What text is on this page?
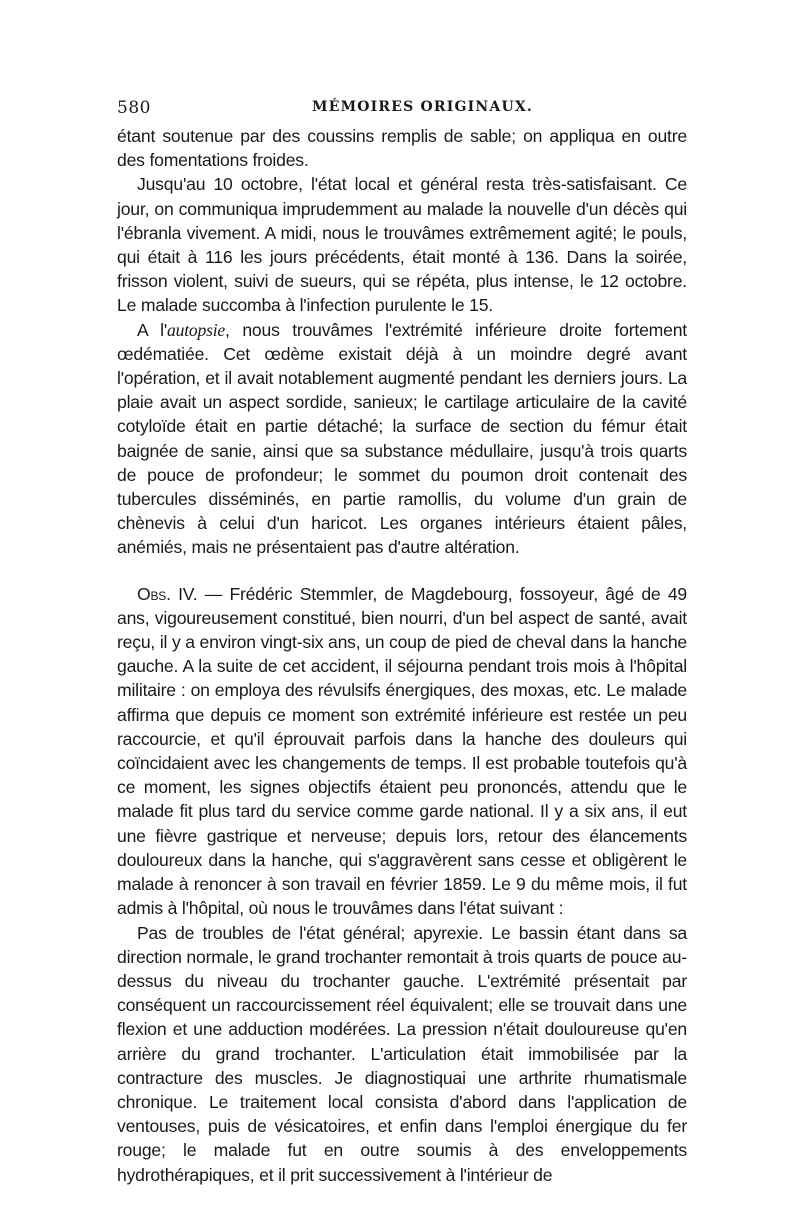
580	MÉMOIRES ORIGINAUX.

étant soutenue par des coussins remplis de sable; on appliqua en outre des fomentations froides.

Jusqu'au 10 octobre, l'état local et général resta très-satisfaisant. Ce jour, on communiqua imprudemment au malade la nouvelle d'un décès qui l'ébranla vivement. A midi, nous le trouvâmes extrêmement agité; le pouls, qui était à 116 les jours précédents, était monté à 136. Dans la soirée, frisson violent, suivi de sueurs, qui se répéta, plus intense, le 12 octobre. Le malade succomba à l'infection purulente le 15.

A l'autopsie, nous trouvâmes l'extrémité inférieure droite fortement œdématiée. Cet œdème existait déjà à un moindre degré avant l'opération, et il avait notablement augmenté pendant les derniers jours. La plaie avait un aspect sordide, sanieux; le cartilage articulaire de la cavité cotyloïde était en partie détaché; la surface de section du fémur était baignée de sanie, ainsi que sa substance médullaire, jusqu'à trois quarts de pouce de profondeur; le sommet du poumon droit contenait des tubercules disséminés, en partie ramollis, du volume d'un grain de chènevis à celui d'un haricot. Les organes intérieurs étaient pâles, anémiés, mais ne présentaient pas d'autre altération.

Obs. IV. — Frédéric Stemmler, de Magdebourg, fossoyeur, âgé de 49 ans, vigoureusement constitué, bien nourri, d'un bel aspect de santé, avait reçu, il y a environ vingt-six ans, un coup de pied de cheval dans la hanche gauche. A la suite de cet accident, il séjourna pendant trois mois à l'hôpital militaire : on employa des révulsifs énergiques, des moxas, etc. Le malade affirma que depuis ce moment son extrémité inférieure est restée un peu raccourcie, et qu'il éprouvait parfois dans la hanche des douleurs qui coïncidaient avec les changements de temps. Il est probable toutefois qu'à ce moment, les signes objectifs étaient peu prononcés, attendu que le malade fit plus tard du service comme garde national. Il y a six ans, il eut une fièvre gastrique et nerveuse; depuis lors, retour des élancements douloureux dans la hanche, qui s'aggravèrent sans cesse et obligèrent le malade à renoncer à son travail en février 1859. Le 9 du même mois, il fut admis à l'hôpital, où nous le trouvâmes dans l'état suivant :

Pas de troubles de l'état général; apyrexie. Le bassin étant dans sa direction normale, le grand trochanter remontait à trois quarts de pouce au-dessus du niveau du trochanter gauche. L'extrémité présentait par conséquent un raccourcissement réel équivalent; elle se trouvait dans une flexion et une adduction modérées. La pression n'était douloureuse qu'en arrière du grand trochanter. L'articulation était immobilisée par la contracture des muscles. Je diagnostiquai une arthrite rhumatismale chronique. Le traitement local consista d'abord dans l'application de ventouses, puis de vésicatoires, et enfin dans l'emploi énergique du fer rouge; le malade fut en outre soumis à des enveloppements hydrothérapiques, et il prit successivement à l'intérieur de
